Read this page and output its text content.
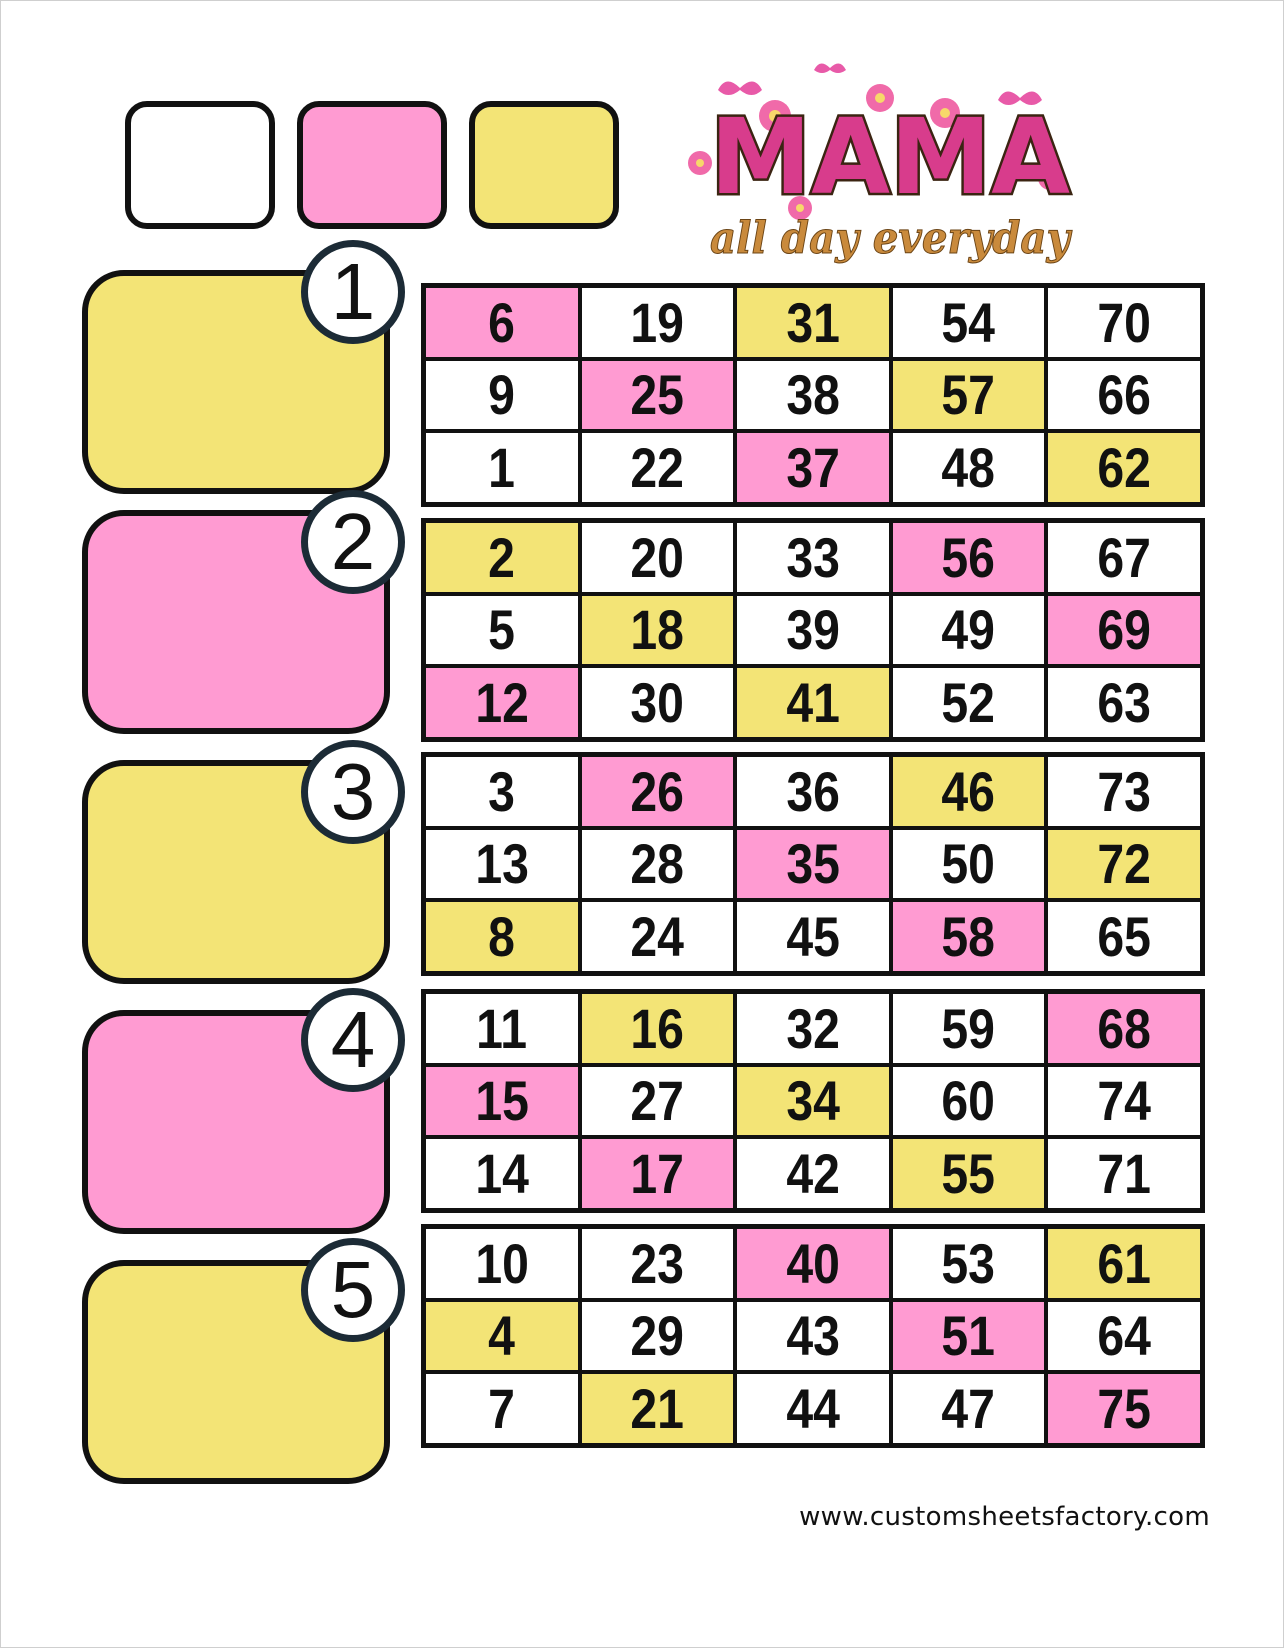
MAMA
all day everyday
1	6 19 31 54 70
9 25 38 57 66
1 22 37 48 62
2	2 20 33 56 67
5 18 39 49 69
12 30 41 52 63
3	3 26 36 46 73
13 28 35 50 72
8 24 45 58 65
4	11 16 32 59 68
15 27 34 60 74
14 17 42 55 71
5	10 23 40 53 61
4 29 43 51 64
7 21 44 47 75
www.customsheetsfactory.com
